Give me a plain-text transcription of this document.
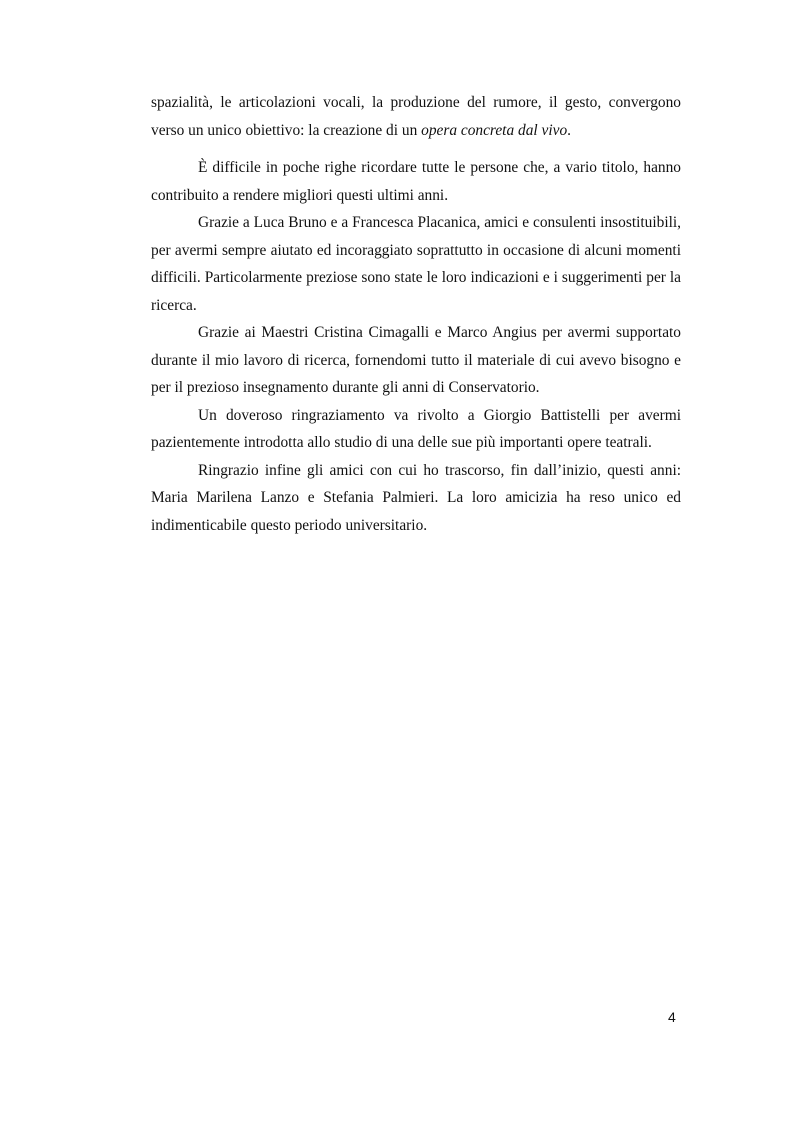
spazialità, le articolazioni vocali, la produzione del rumore, il gesto, convergono verso un unico obiettivo: la creazione di un opera concreta dal vivo.

È difficile in poche righe ricordare tutte le persone che, a vario titolo, hanno contribuito a rendere migliori questi ultimi anni.

Grazie a Luca Bruno e a Francesca Placanica, amici e consulenti insostituibili, per avermi sempre aiutato ed incoraggiato soprattutto in occasione di alcuni momenti difficili. Particolarmente preziose sono state le loro indicazioni e i suggerimenti per la ricerca.

Grazie ai Maestri Cristina Cimagalli e Marco Angius per avermi supportato durante il mio lavoro di ricerca, fornendomi tutto il materiale di cui avevo bisogno e per il prezioso insegnamento durante gli anni di Conservatorio.

Un doveroso ringraziamento va rivolto a Giorgio Battistelli per avermi pazientemente introdotta allo studio di una delle sue più importanti opere teatrali.

Ringrazio infine gli amici con cui ho trascorso, fin dall’inizio, questi anni: Maria Marilena Lanzo e Stefania Palmieri. La loro amicizia ha reso unico ed indimenticabile questo periodo universitario.

4
